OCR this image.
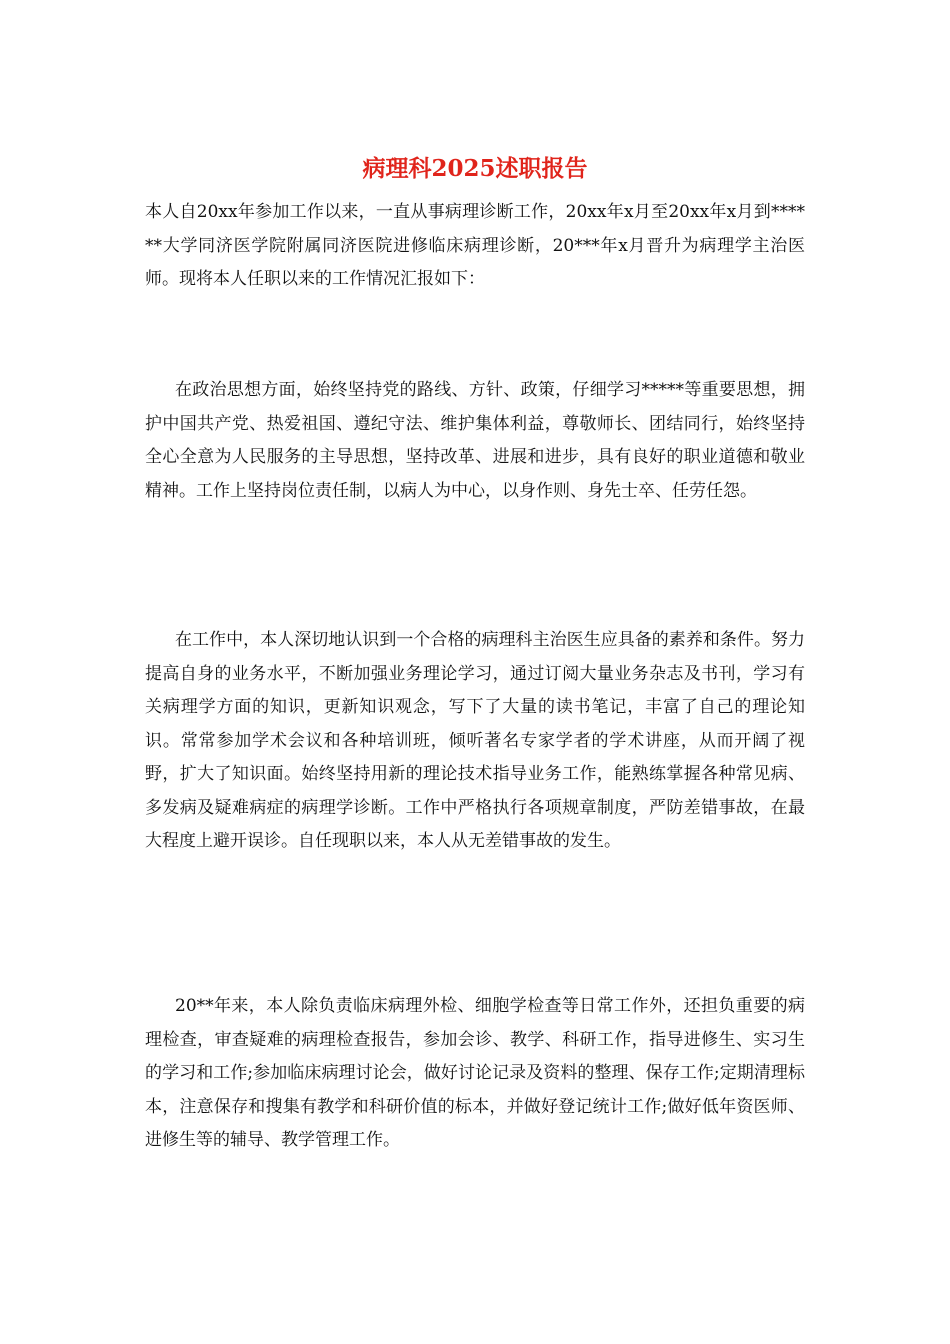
病理科2025述职报告

本人自20xx年参加工作以来，一直从事病理诊断工作，20xx年x月至20xx年x月到******大学同济医学院附属同济医院进修临床病理诊断，20***年x月晋升为病理学主治医师。现将本人任职以来的工作情况汇报如下：

在政治思想方面，始终坚持党的路线、方针、政策，仔细学习*****等重要思想，拥护中国共产党、热爱祖国、遵纪守法、维护集体利益，尊敬师长、团结同行，始终坚持全心全意为人民服务的主导思想，坚持改革、进展和进步，具有良好的职业道德和敬业精神。工作上坚持岗位责任制，以病人为中心，以身作则、身先士卒、任劳任怨。

在工作中，本人深切地认识到一个合格的病理科主治医生应具备的素养和条件。努力提高自身的业务水平，不断加强业务理论学习，通过订阅大量业务杂志及书刊，学习有关病理学方面的知识，更新知识观念，写下了大量的读书笔记，丰富了自己的理论知识。常常参加学术会议和各种培训班，倾听著名专家学者的学术讲座，从而开阔了视野，扩大了知识面。始终坚持用新的理论技术指导业务工作，能熟练掌握各种常见病、多发病及疑难病症的病理学诊断。工作中严格执行各项规章制度，严防差错事故，在最大程度上避开误诊。自任现职以来，本人从无差错事故的发生。

20**年来，本人除负责临床病理外检、细胞学检查等日常工作外，还担负重要的病理检查，审查疑难的病理检查报告，参加会诊、教学、科研工作，指导进修生、实习生的学习和工作;参加临床病理讨论会，做好讨论记录及资料的整理、保存工作;定期清理标本，注意保存和搜集有教学和科研价值的标本，并做好登记统计工作;做好低年资医师、进修生等的辅导、教学管理工作。
